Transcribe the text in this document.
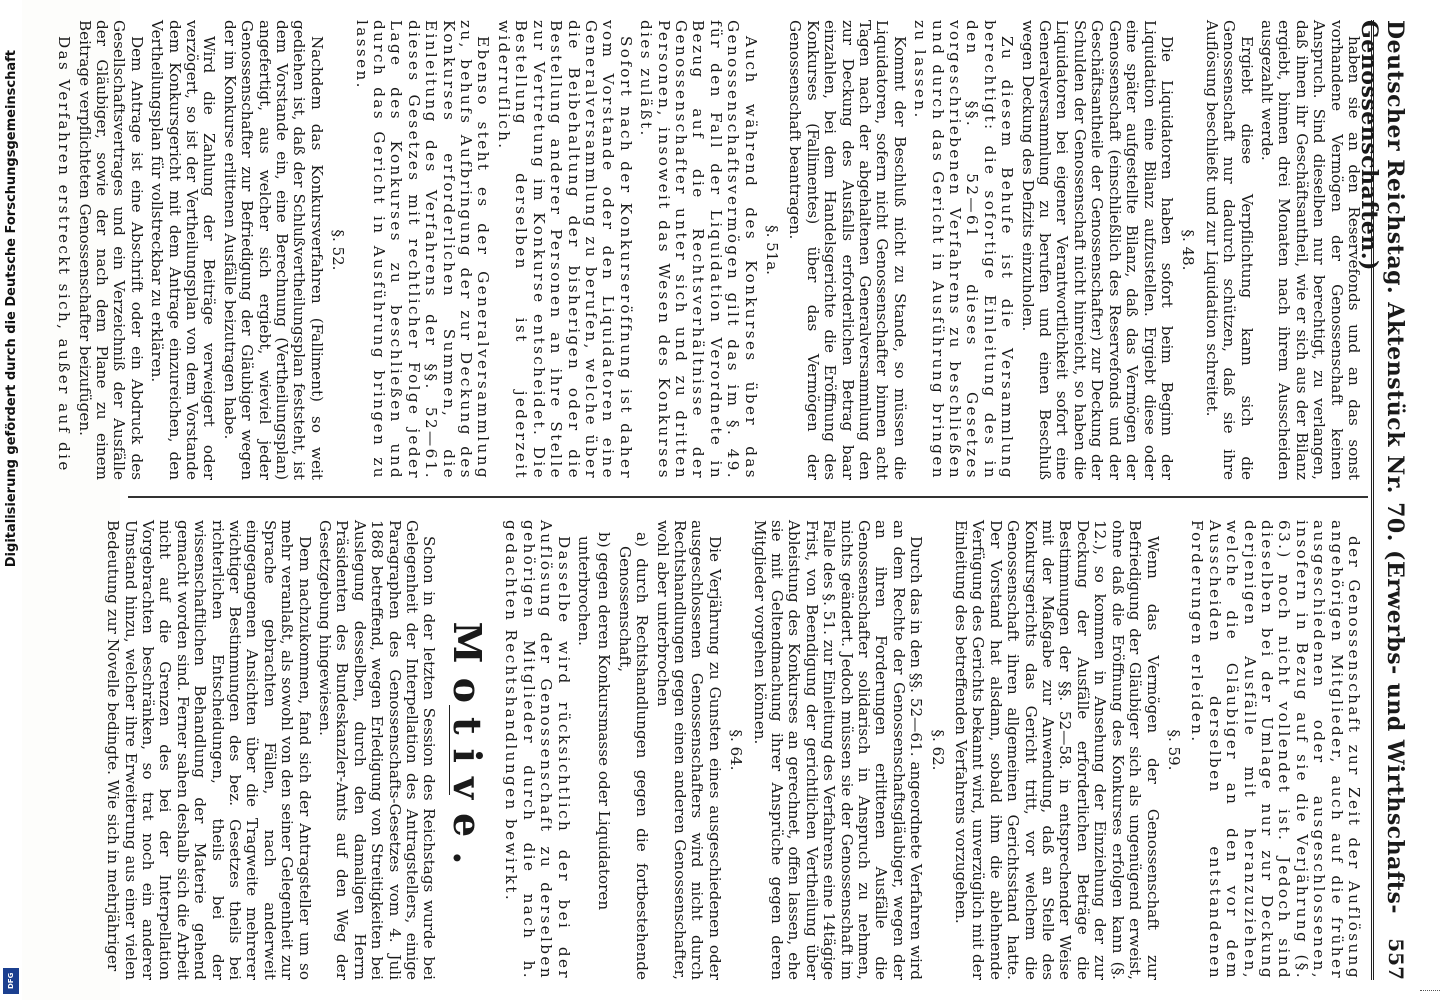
Digitalisierung gefördert durch die Deutsche Forschungsgemeinschaft
DFG
Deutscher Reichstag. Aktenstück Nr. 70. (Erwerbs- und Wirthschafts-Genossenschaften.)
557

haben sie an den Reservefonds und an das sonst vorhandene Vermögen der Genossenschaft keinen Anspruch. Sind dieselben nur berechtigt, zu verlangen, daß ihnen ihr Geschäftsantheil, wie er sich aus der Bilanz ergiebt, binnen drei Monaten nach ihrem Ausscheiden ausgezahlt werde.

Ergiebt diese Verpflichtung kann sich die Genossenschaft nur dadurch schützen, daß sie ihre Auflösung beschließt und zur Liquidation schreitet.

§. 48.

Die Liquidatoren haben sofort beim Beginn der Liquidation eine Bilanz aufzustellen. Ergiebt diese oder eine später aufgestellte Bilanz, daß das Vermögen der Genossenschaft (einschließlich des Reservefonds und der Geschäftsantheile der Genossenschafter) zur Deckung der Schulden der Genossenschaft nicht hinreicht, so haben die Liquidatoren bei eigener Verantwortlichkeit sofort eine Generalversammlung zu berufen und einen Beschluß wegen Deckung des Defizits einzuholen.

Zu diesem Behufe ist die Versammlung berechtigt: die sofortige Einleitung des in den §§. 52—61 dieses Gesetzes vorgeschriebenen Verfahrens zu beschließen und durch das Gericht in Ausführung bringen zu lassen.

Kommt der Beschluß nicht zu Stande, so müssen die Liquidatoren, sofern nicht Genossenschafter binnen acht Tagen nach der abgehaltenen Generalversammlung den zur Deckung des Ausfalls erforderlichen Betrag baar einzahlen, bei dem Handelsgerichte die Eröffnung des Konkurses (Fallimentes) über das Vermögen der Genossenschaft beantragen.

§. 51a.

Auch während des Konkurses über das Genossenschaftsvermögen gilt das im §. 49. für den Fall der Liquidation Verordnete in Bezug auf die Rechtsverhältnisse der Genossenschafter unter sich und zu dritten Personen, insoweit das Wesen des Konkurses dies zuläßt.

Sofort nach der Konkurseröffnung ist daher vom Vorstande oder den Liquidatoren eine Generalversammlung zu berufen, welche über die Beibehaltung der bisherigen oder die Bestellung anderer Personen an ihre Stelle zur Vertretung im Konkurse entscheidet. Die Bestellung derselben ist jederzeit widerruflich.

Ebenso steht es der Generalversammlung zu, behufs Aufbringung der zur Deckung des Konkurses erforderlichen Summen, die Einleitung des Verfahrens der §§. 52—61. dieses Gesetzes mit rechtlicher Folge jeder Lage des Konkurses zu beschließen und durch das Gericht in Ausführung bringen zu lassen.

§. 52.

Nachdem das Konkursverfahren (Falliment) so weit gediehen ist, daß der Schlußvertheilungsplan feststeht, ist dem Vorstande ein, eine Berechnung (Vertheilungsplan) angefertigt, aus welcher sich ergiebt, wieviel jeder Genossenschafter zur Befriedigung der Gläubiger wegen der im Konkurse erlittenen Ausfälle beizutragen habe.

Wird die Zahlung der Beiträge verweigert oder verzögert, so ist der Vertheilungsplan von dem Vorstande dem Konkursgericht mit dem Antrage einzureichen, den Vertheilungsplan für vollstreckbar zu erklären.

Dem Antrage ist eine Abschrift oder ein Abdruck des Gesellschaftsvertrages und ein Verzeichniß der Ausfälle der Gläubiger, sowie der nach dem Plane zu einem Beitrage verpflichteten Genossenschafter beizufügen.

Das Verfahren erstreckt sich, außer auf die

der Genossenschaft zur Zeit der Auflösung angehörigen Mitglieder, auch auf die früher ausgeschiedenen oder ausgeschlossenen, insofern in Bezug auf sie die Verjährung (§. 63.) noch nicht vollendet ist. Jedoch sind dieselben bei der Umlage nur zur Deckung derjenigen Ausfälle mit heranzuziehen, welche die Gläubiger an den vor dem Ausscheiden derselben entstandenen Forderungen erleiden.

§. 59.

Wenn das Vermögen der Genossenschaft zur Befriedigung der Gläubiger sich als ungenügend erweist, ohne daß die Eröffnung des Konkurses erfolgen kann (§. 12.), so kommen in Ansehung der Einziehung der zur Deckung der Ausfälle erforderlichen Beträge die Bestimmungen der §§. 52—58. in entsprechender Weise mit der Maßgabe zur Anwendung, daß an Stelle des Konkursgerichts das Gericht tritt, vor welchem die Genossenschaft ihren allgemeinen Gerichtsstand hatte. Der Vorstand hat alsdann, sobald ihm die ablehnende Verfügung des Gerichts bekannt wird, unverzüglich mit der Einleitung des betreffenden Verfahrens vorzugehen.

§. 62.

Durch das in den §§. 52—61. angeordnete Verfahren wird an dem Rechte der Genossenschaftsgläubiger, wegen der an ihren Forderungen erlittenen Ausfälle die Genossenschafter solidarisch in Anspruch zu nehmen, nichts geändert. Jedoch müssen sie der Genossenschaft im Falle des §. 51. zur Einleitung des Verfahrens eine 14tägige Frist, von Beendigung der gerichtlichen Vertheilung über Ableistung des Konkurses an gerechnet, offen lassen, ehe sie mit Geltendmachung ihrer Ansprüche gegen deren Mitglieder vorgehen können.

§. 64.

Die Verjährung zu Gunsten eines ausgeschiedenen oder ausgeschlossenen Genossenschafters wird nicht durch Rechtshandlungen gegen einen anderen Genossenschafter, wohl aber unterbrochen

a) durch Rechtshandlungen gegen die fortbestehende Genossenschaft,

b) gegen deren Konkursmasse oder Liquidatoren

unterbrochen.

Dasselbe wird rücksichtlich der bei der Auflösung der Genossenschaft zu derselben gehörigen Mitglieder durch die nach h. gedachten Rechtshandlungen bewirkt.

Motive.

Schon in der letzten Session des Reichstags wurde bei Gelegenheit der Interpellation des Antragstellers, einige Paragraphen des Genossenschafts-Gesetzes vom 4. Juli 1868 betreffend, wegen Erledigung von Streitigkeiten bei Auslegung desselben, durch den damaligen Herrn Präsidenten des Bundeskanzler-Amts auf den Weg der Gesetzgebung hingewiesen.

Dem nachzukommen, fand sich der Antragsteller um so mehr veranlaßt, als sowohl von den seiner Gelegenheit zur Sprache gebrachten Fällen, nach anderweit eingegangenen Ansichten über die Tragweite mehrerer wichtiger Bestimmungen des bez. Gesetzes theils bei richterlichen Entscheidungen, theils bei der wissenschaftlichen Behandlung der Materie gehend gemacht worden sind. Ferner sahen deshalb sich die Arbeit nicht auf die Grenzen des bei der Interpellation Vorgebrachten beschränken, so trat noch ein anderer Umstand hinzu, welcher ihre Erweiterung aus einer vielen Bedeutung zur Novelle bedingte. Wie sich in mehrjähriger
